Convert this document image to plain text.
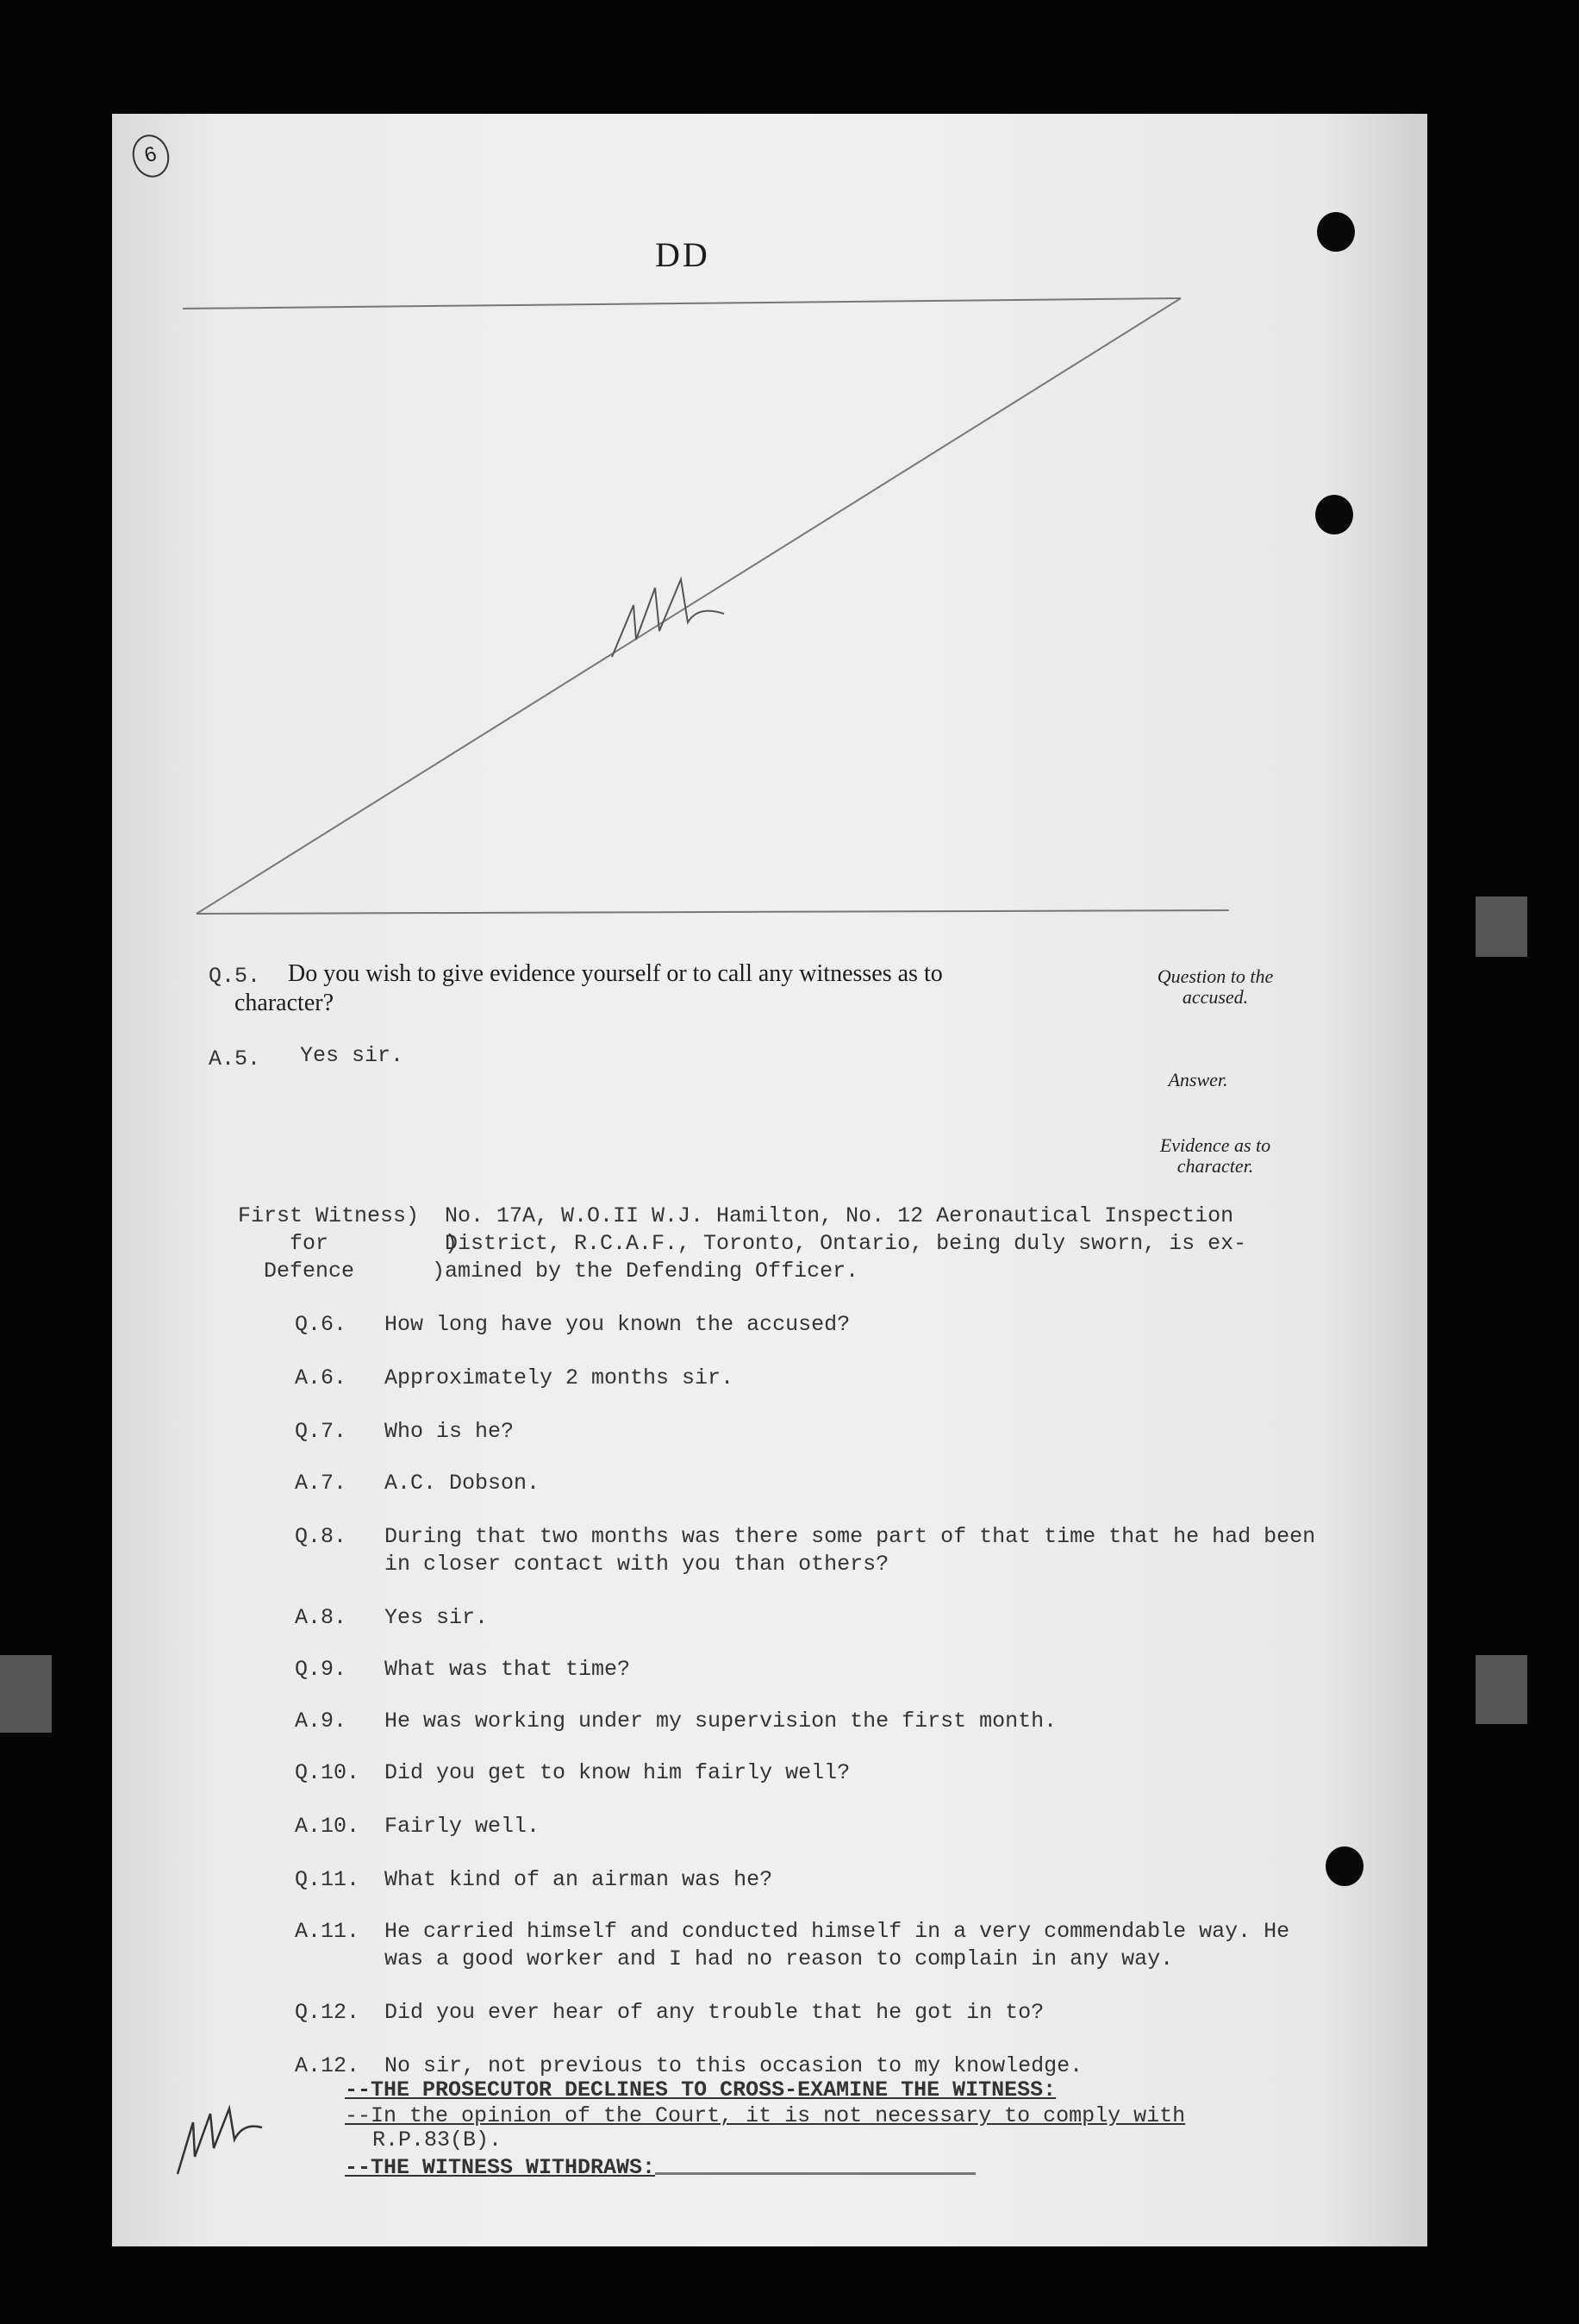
6
DD
Q.5. Do you wish to give evidence yourself or to call any witnesses as to
character?
A.5. Yes sir.
Question to the
accused.
Answer.
Evidence as to
character.
First Witness)
for         )
Defence      )
No. 17A, W.O.II W.J. Hamilton, No. 12 Aeronautical Inspection
District, R.C.A.F., Toronto, Ontario, being duly sworn, is ex-
amined by the Defending Officer.
Q.6. How long have you known the accused?
A.6. Approximately 2 months sir.
Q.7. Who is he?
A.7. A.C. Dobson.
Q.8. During that two months was there some part of that time that he had been
in closer contact with you than others?
A.8. Yes sir.
Q.9. What was that time?
A.9. He was working under my supervision the first month.
Q.10. Did you get to know him fairly well?
A.10. Fairly well.
Q.11. What kind of an airman was he?
A.11. He carried himself and conducted himself in a very commendable way. He
was a good worker and I had no reason to complain in any way.
Q.12. Did you ever hear of any trouble that he got in to?
A.12. No sir, not previous to this occasion to my knowledge.
--THE PROSECUTOR DECLINES TO CROSS-EXAMINE THE WITNESS:
--In the opinion of the Court, it is not necessary to comply with
R.P.83(B).
--THE WITNESS WITHDRAWS:
